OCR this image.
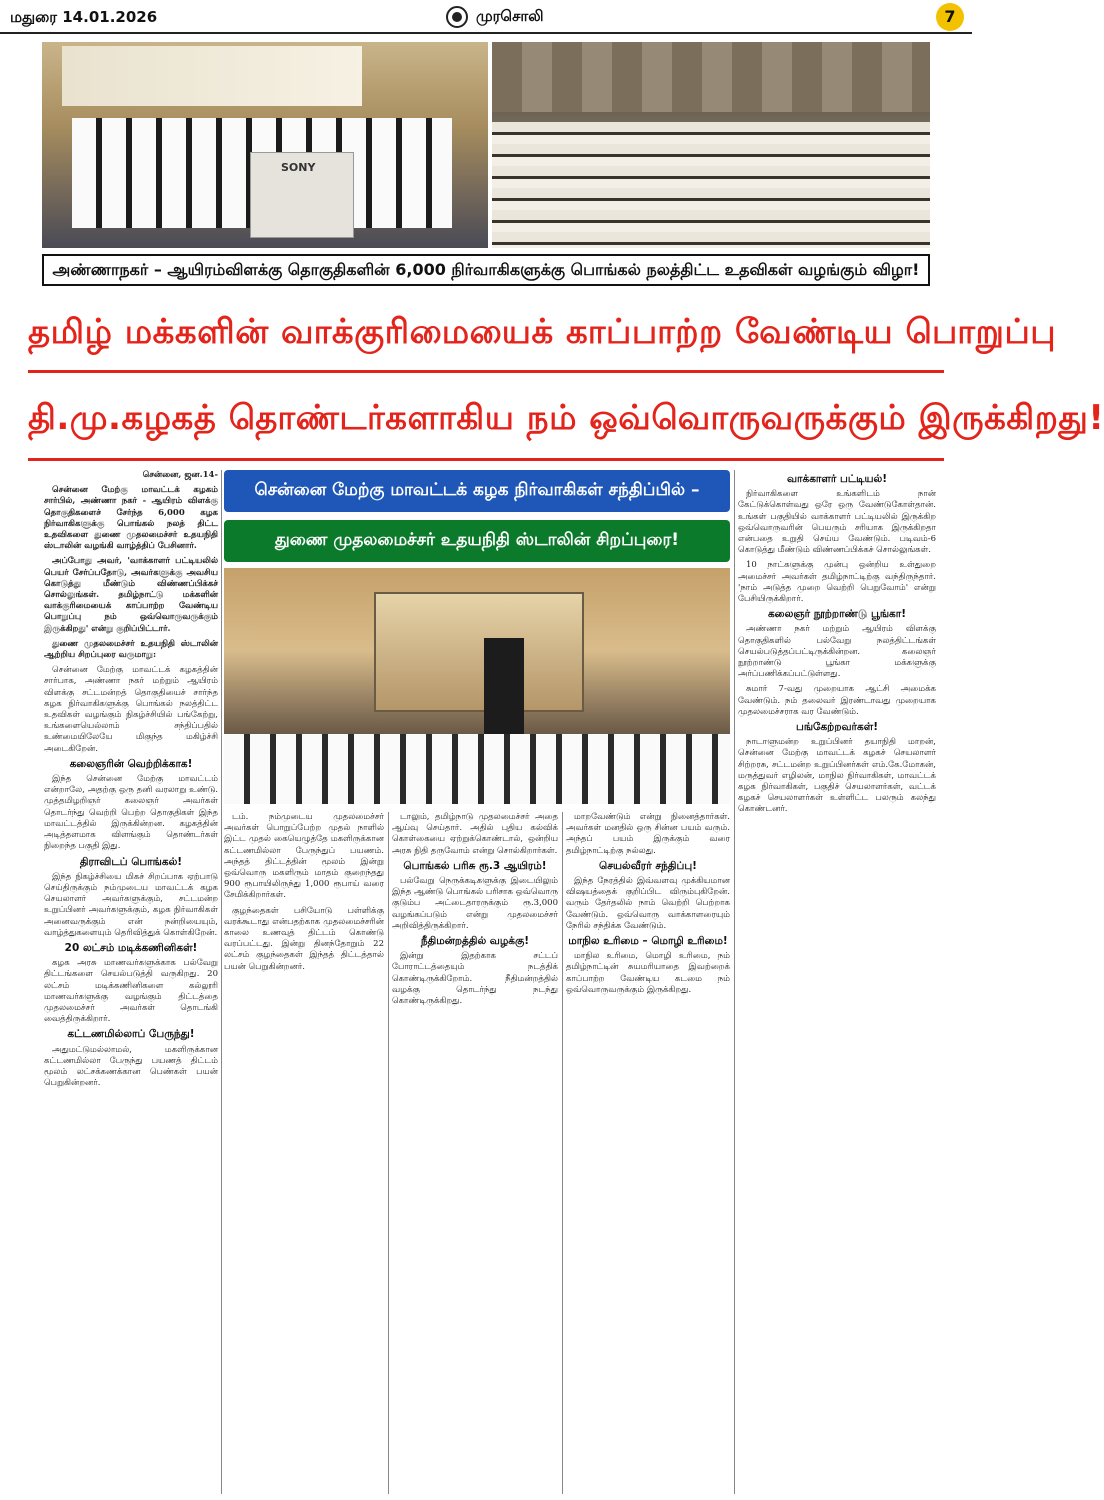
மதுரை 14.01.2026	முரசொலி	7
SONY
அண்ணாநகர் – ஆயிரம்விளக்கு தொகுதிகளின் 6,000 நிர்வாகிகளுக்கு பொங்கல் நலத்திட்ட உதவிகள் வழங்கும் விழா!
தமிழ் மக்களின் வாக்குரிமையைக் காப்பாற்ற வேண்டிய பொறுப்பு
தி.மு.கழகத் தொண்டர்களாகிய நம் ஒவ்வொருவருக்கும் இருக்கிறது!
சென்னை மேற்கு மாவட்டக் கழக நிர்வாகிகள் சந்திப்பில் –
துணை முதலமைச்சர் உதயநிதி ஸ்டாலின் சிறப்புரை!

சென்னை, ஜன.14-

சென்னை மேற்கு மாவட்டக் கழகம் சார்பில், அண்ணா நகர் - ஆயிரம் விளக்கு தொகுதிகளைச் சேர்ந்த 6,000 கழக நிர்வாகிகளுக்கு பொங்கல் நலத் திட்ட உதவிகளை துணை முதலமைச்சர் உதயநிதி ஸ்டாலின் வழங்கி வாழ்த்திப் பேசினார்.

அப்போது அவர், 'வாக்காளர் பட்டியலில் பெயர் சேர்ப்பதோடு, அவர்களுக்கு அவசிய கொடுத்து மீண்டும் விண்ணப்பிக்கச் சொல்லுங்கள். தமிழ்நாட்டு மக்களின் வாக்குரிமையைக் காப்பாற்ற வேண்டிய பொறுப்பு நம் ஒவ்வொருவருக்கும் இருக்கிறது' என்று குறிப்பிட்டார்.

துணை முதலமைச்சர் உதயநிதி ஸ்டாலின் ஆற்றிய சிறப்புரை வருமாறு:

சென்னை மேற்கு மாவட்டக் கழகத்தின் சார்பாக, அண்ணா நகர் மற்றும் ஆயிரம் விளக்கு சட்டமன்றத் தொகுதியைச் சார்ந்த கழக நிர்வாகிகளுக்கு பொங்கல் நலத்திட்ட உதவிகள் வழங்கும் நிகழ்ச்சியில் பங்கேற்று, உங்களையெல்லாம் சந்திப்பதில் உண்மையிலேயே மிகுந்த மகிழ்ச்சி அடைகிறேன்.

கலைஞரின் வெற்றிக்காக!

இந்த சென்னை மேற்கு மாவட்டம் என்றாலே, அதற்கு ஒரு தனி வரலாறு உண்டு. முத்தமிழறிஞர் கலைஞர் அவர்கள் தொடர்ந்து வெற்றி பெற்ற தொகுதிகள் இந்த மாவட்டத்தில் இருக்கின்றன. கழகத்தின் அடித்தளமாக விளங்கும் தொண்டர்கள் நிறைந்த பகுதி இது.

திராவிடப் பொங்கல்!

இந்த நிகழ்ச்சியை மிகச் சிறப்பாக ஏற்பாடு செய்திருக்கும் நம்முடைய மாவட்டக் கழக செயலாளர் அவர்களுக்கும், சட்டமன்ற உறுப்பினர் அவர்களுக்கும், கழக நிர்வாகிகள் அனைவருக்கும் என் நன்றியையும், வாழ்த்துகளையும் தெரிவித்துக் கொள்கிறேன்.

20 லட்சம் மடிக்கணினிகள்!

கழக அரசு மாணவர்களுக்காக பல்வேறு திட்டங்களை செயல்படுத்தி வருகிறது. 20 லட்சம் மடிக்கணினிகளை கல்லூரி மாணவர்களுக்கு வழங்கும் திட்டத்தை முதலமைச்சர் அவர்கள் தொடங்கி வைத்திருக்கிறார்.

கட்டணமில்லாப் பேருந்து!

அதுமட்டுமல்லாமல், மகளிருக்கான கட்டணமில்லா பேருந்து பயணத் திட்டம் மூலம் லட்சக்கணக்கான பெண்கள் பயன் பெறுகின்றனர்.

டம். நம்முடைய முதலமைச்சர் அவர்கள் பொறுப்பேற்ற முதல் நாளில் இட்ட முதல் கையெழுத்தே மகளிருக்கான கட்டணமில்லா பேருந்துப் பயணம். அந்தத் திட்டத்தின் மூலம் இன்று ஒவ்வொரு மகளிரும் மாதம் குறைந்தது 900 ரூபாயிலிருந்து 1,000 ரூபாய் வரை சேமிக்கிறார்கள்.

குழந்தைகள் பசியோடு பள்ளிக்கு வரக்கூடாது என்பதற்காக முதலமைச்சரின் காலை உணவுத் திட்டம் கொண்டு வரப்பட்டது. இன்று தினந்தோறும் 22 லட்சம் குழந்தைகள் இந்தத் திட்டத்தால் பயன் பெறுகின்றனர்.

டாலும், தமிழ்நாடு முதலமைச்சர் அதை ஆய்வு செய்தார். அதில் புதிய கல்விக் கொள்கையை ஏற்றுக்கொண்டால், ஒன்றிய அரசு நிதி தருவோம் என்று சொல்கிறார்கள்.

பொங்கல் பரிசு ரூ.3 ஆயிரம்!

பல்வேறு நெருக்கடிகளுக்கு இடையிலும் இந்த ஆண்டு பொங்கல் பரிசாக ஒவ்வொரு குடும்ப அட்டைதாரருக்கும் ரூ.3,000 வழங்கப்படும் என்று முதலமைச்சர் அறிவித்திருக்கிறார்.

நீதிமன்றத்தில் வழக்கு!

இன்று இதற்காக சட்டப் போராட்டத்தையும் நடத்திக் கொண்டிருக்கிறோம். நீதிமன்றத்தில் வழக்கு தொடர்ந்து நடந்து கொண்டிருக்கிறது.

மாறவேண்டும் என்று நினைத்தார்கள். அவர்கள் மனதில் ஒரு சின்ன பயம் வரும். அந்தப் பயம் இருக்கும் வரை தமிழ்நாட்டிற்கு நல்லது.

செயல்வீரர் சந்திப்பு!

இந்த நேரத்தில் இவ்வளவு முக்கியமான விஷயத்தைக் குறிப்பிட விரும்புகிறேன். வரும் தேர்தலில் நாம் வெற்றி பெற்றாக வேண்டும். ஒவ்வொரு வாக்காளரையும் நேரில் சந்திக்க வேண்டும்.

மாநில உரிமை – மொழி உரிமை!

மாநில உரிமை, மொழி உரிமை, நம் தமிழ்நாட்டின் சுயமரியாதை இவற்றைக் காப்பாற்ற வேண்டிய கடமை நம் ஒவ்வொருவருக்கும் இருக்கிறது.

வாக்காளர் பட்டியல்!

நிர்வாகிகளை உங்களிடம் நான் கேட்டுக்கொள்வது ஒரே ஒரு வேண்டுகோள்தான். உங்கள் பகுதியில் வாக்காளர் பட்டியலில் இருக்கிற ஒவ்வொருவரின் பெயரும் சரியாக இருக்கிறதா என்பதை உறுதி செய்ய வேண்டும். படிவம்-6 கொடுத்து மீண்டும் விண்ணப்பிக்கச் சொல்லுங்கள்.

10 நாட்களுக்கு முன்பு ஒன்றிய உள்துறை அமைச்சர் அவர்கள் தமிழ்நாட்டிற்கு வந்திருந்தார். 'நாம் அடுத்த முறை வெற்றி பெறுவோம்' என்று பேசியிருக்கிறார்.

கலைஞர் நூற்றாண்டு பூங்கா!

அண்ணா நகர் மற்றும் ஆயிரம் விளக்கு தொகுதிகளில் பல்வேறு நலத்திட்டங்கள் செயல்படுத்தப்பட்டிருக்கின்றன. கலைஞர் நூற்றாண்டு பூங்கா மக்களுக்கு அர்ப்பணிக்கப்பட்டுள்ளது.

சுமார் 7-வது முறையாக ஆட்சி அமைக்க வேண்டும். நம் தலைவர் இரண்டாவது முறையாக முதலமைச்சராக வர வேண்டும்.

பங்கேற்றவர்கள்!

நாடாளுமன்ற உறுப்பினர் தயாநிதி மாறன், சென்னை மேற்கு மாவட்டக் கழகச் செயலாளர் சிற்றரசு, சட்டமன்ற உறுப்பினர்கள் எம்.கே.மோகன், மருத்துவர் எழிலன், மாநில நிர்வாகிகள், மாவட்டக் கழக நிர்வாகிகள், பகுதிச் செயலாளர்கள், வட்டக் கழகச் செயலாளர்கள் உள்ளிட்ட பலரும் கலந்து கொண்டனர்.
